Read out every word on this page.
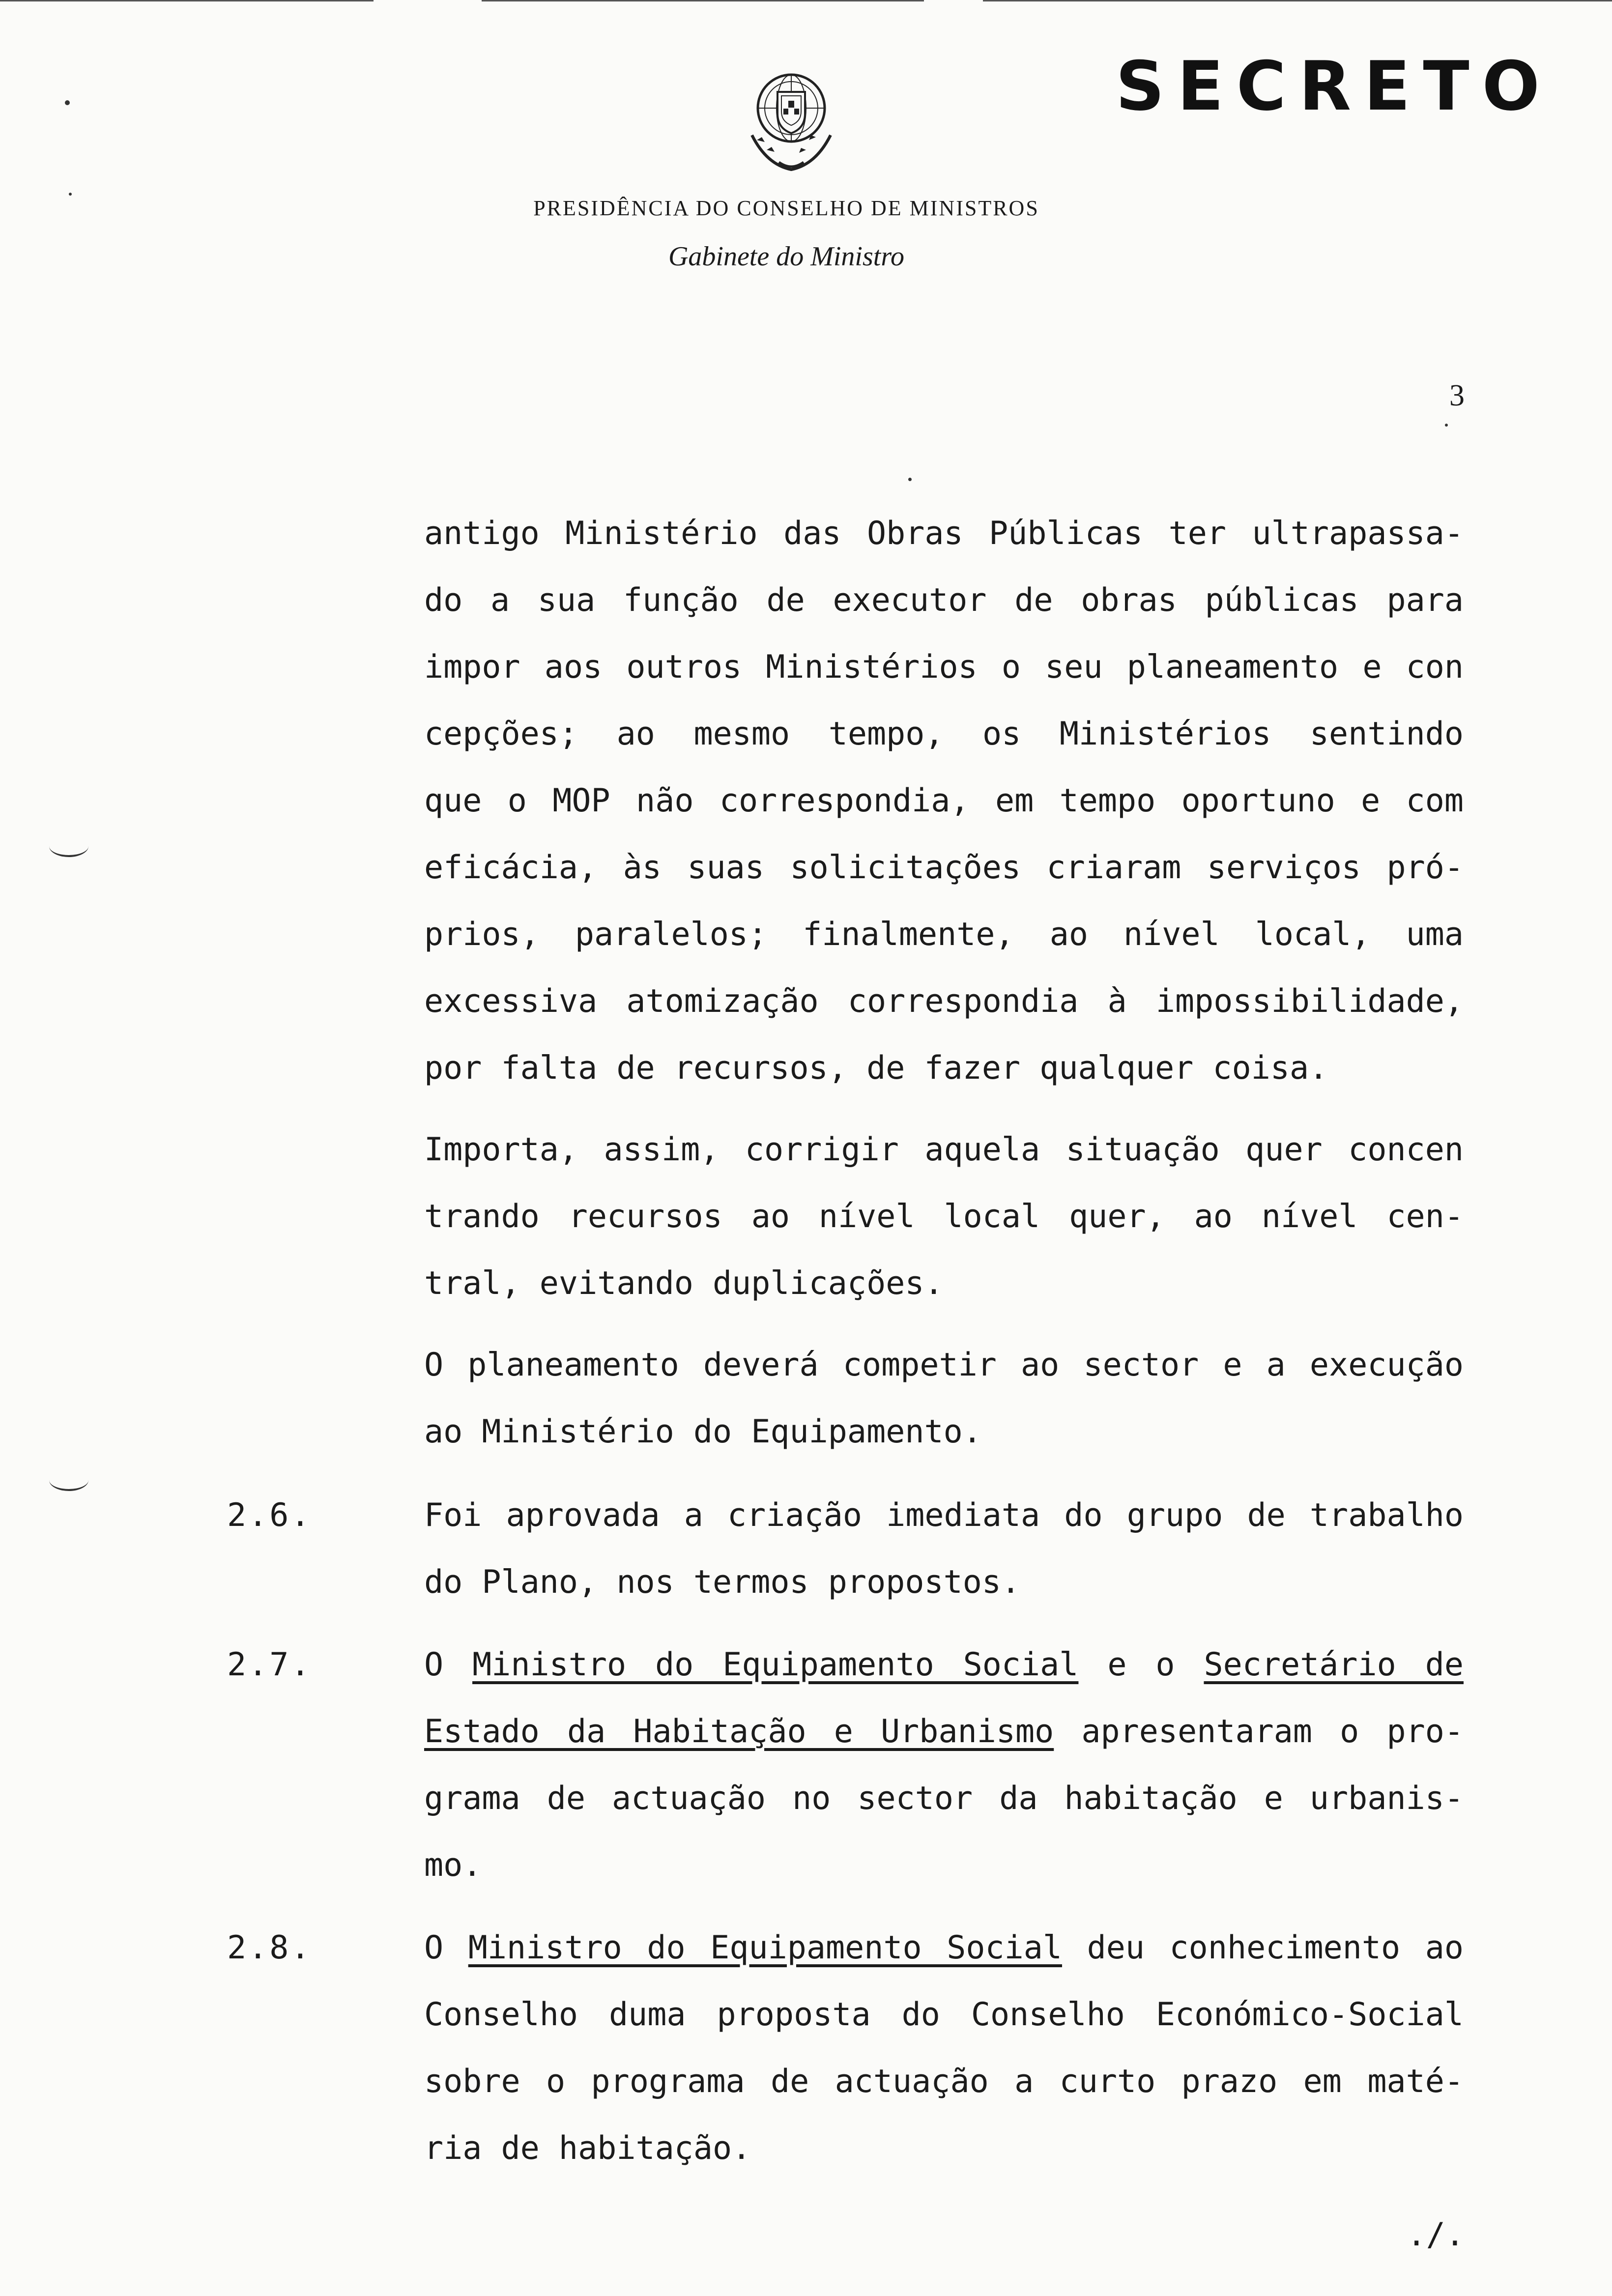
SECRETO
PRESIDÊNCIA DO CONSELHO DE MINISTROS
Gabinete do Ministro
3
antigo Ministério das Obras Públicas ter ultrapassa-
do a sua função de executor de obras públicas para
impor aos outros Ministérios o seu planeamento e con
cepções; ao mesmo tempo, os Ministérios sentindo
que o MOP não correspondia, em tempo oportuno e com
eficácia, às suas solicitações criaram serviços pró-
prios, paralelos; finalmente, ao nível local, uma
excessiva atomização correspondia à impossibilidade,
por falta de recursos, de fazer qualquer coisa.
Importa, assim, corrigir aquela situação quer concen
trando recursos ao nível local quer, ao nível cen-
tral, evitando duplicações.
O planeamento deverá competir ao sector e a execução
ao Ministério do Equipamento.
2.6.	Foi aprovada a criação imediata do grupo de trabalho
do Plano, nos termos propostos.
2.7.	O Ministro do Equipamento Social e o Secretário de
Estado da Habitação e Urbanismo apresentaram o pro-
grama de actuação no sector da habitação e urbanis-
mo.
2.8.	O Ministro do Equipamento Social deu conhecimento ao
Conselho duma proposta do Conselho Económico-Social
sobre o programa de actuação a curto prazo em maté-
ria de habitação.
./.
